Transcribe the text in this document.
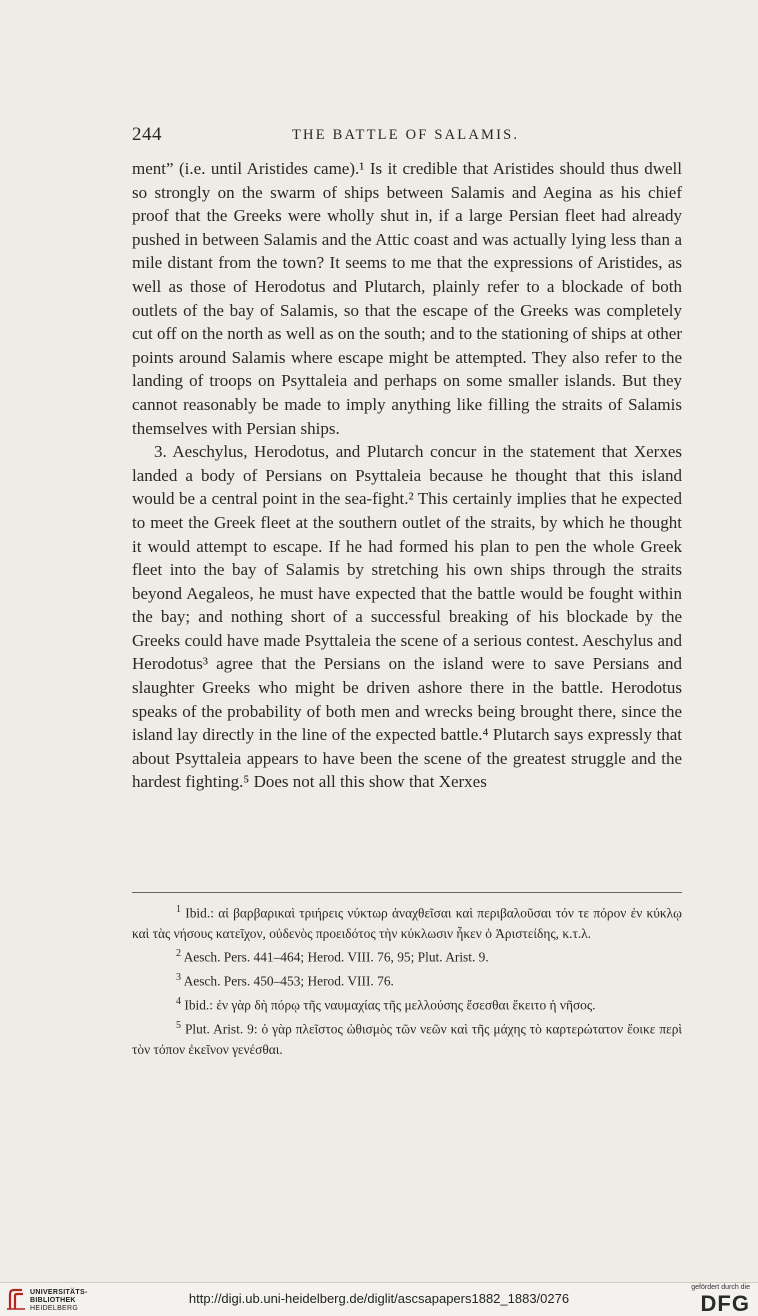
244	THE BATTLE OF SALAMIS.

ment” (i.e. until Aristides came).¹ Is it credible that Aristides should thus dwell so strongly on the swarm of ships between Salamis and Aegina as his chief proof that the Greeks were wholly shut in, if a large Persian fleet had already pushed in between Salamis and the Attic coast and was actually lying less than a mile distant from the town? It seems to me that the expressions of Aristides, as well as those of Herodotus and Plutarch, plainly refer to a blockade of both outlets of the bay of Salamis, so that the escape of the Greeks was completely cut off on the north as well as on the south; and to the stationing of ships at other points around Salamis where escape might be attempted. They also refer to the landing of troops on Psyttaleia and perhaps on some smaller islands. But they cannot reasonably be made to imply anything like filling the straits of Salamis themselves with Persian ships.

3. Aeschylus, Herodotus, and Plutarch concur in the statement that Xerxes landed a body of Persians on Psyttaleia because he thought that this island would be a central point in the sea-fight.² This certainly implies that he expected to meet the Greek fleet at the southern outlet of the straits, by which he thought it would attempt to escape. If he had formed his plan to pen the whole Greek fleet into the bay of Salamis by stretching his own ships through the straits beyond Aegaleos, he must have expected that the battle would be fought within the bay; and nothing short of a successful breaking of his blockade by the Greeks could have made Psyttaleia the scene of a serious contest. Aeschylus and Herodotus³ agree that the Persians on the island were to save Persians and slaughter Greeks who might be driven ashore there in the battle. Herodotus speaks of the probability of both men and wrecks being brought there, since the island lay directly in the line of the expected battle.⁴ Plutarch says expressly that about Psyttaleia appears to have been the scene of the greatest struggle and the hardest fighting.⁵ Does not all this show that Xerxes

1 Ibid.: αἱ βαρβαρικαὶ τριήρεις νύκτωρ ἀναχθεῖσαι καὶ περιβαλοῦσαι τόν τε πόρον ἐν κύκλῳ καὶ τὰς νήσους κατεῖχον, οὐδενὸς προειδότος τὴν κύκλωσιν ἧκεν ὁ Ἀριστείδης, κ.τ.λ.

2 Aesch. Pers. 441–464; Herod. VIII. 76, 95; Plut. Arist. 9.

3 Aesch. Pers. 450–453; Herod. VIII. 76.

4 Ibid.: ἐν γὰρ δὴ πόρῳ τῆς ναυμαχίας τῆς μελλούσης ἔσεσθαι ἔκειτο ἡ νῆσος.

5 Plut. Arist. 9: ὁ γὰρ πλεῖστος ὠθισμὸς τῶν νεῶν καὶ τῆς μάχης τὸ καρτερώτατον ἔοικε περὶ τὸν τόπον ἐκεῖνον γενέσθαι.

UNIVERSITÄTS-
BIBLIOTHEK
HEIDELBERG
http://digi.ub.uni-heidelberg.de/diglit/ascsapapers1882_1883/0276
gefördert durch die
DFG
